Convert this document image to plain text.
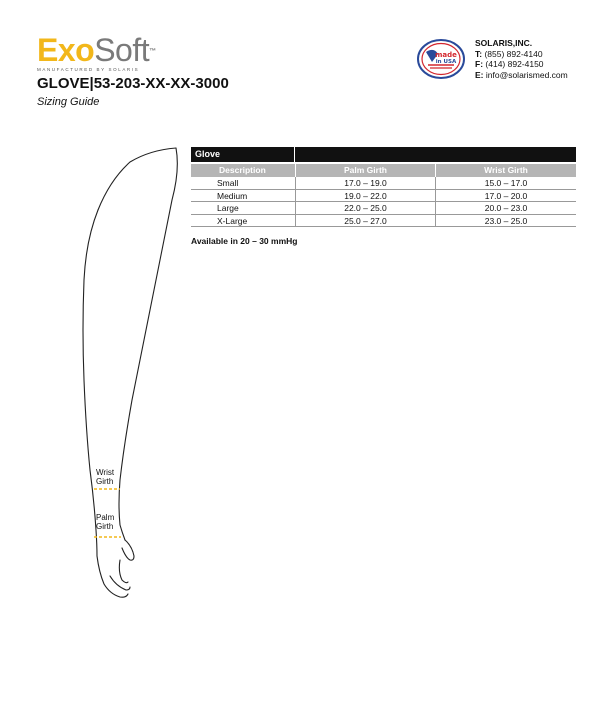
ExoSoft™
MANUFACTURED BY SOLARIS
GLOVE|53-203-XX-XX-3000
Sizing Guide
made
in USA
SOLARIS,INC.
T: (855) 892-4140
F: (414) 892-4150
E: info@solarismed.com
Glove
Description	Palm Girth	Wrist Girth
Small	17.0 – 19.0	15.0 – 17.0
Medium	19.0 – 22.0	17.0 – 20.0
Large	22.0 – 25.0	20.0 – 23.0
X-Large	25.0 – 27.0	23.0 – 25.0
Available in 20 – 30 mmHg
Wrist
Girth
Palm
Girth
